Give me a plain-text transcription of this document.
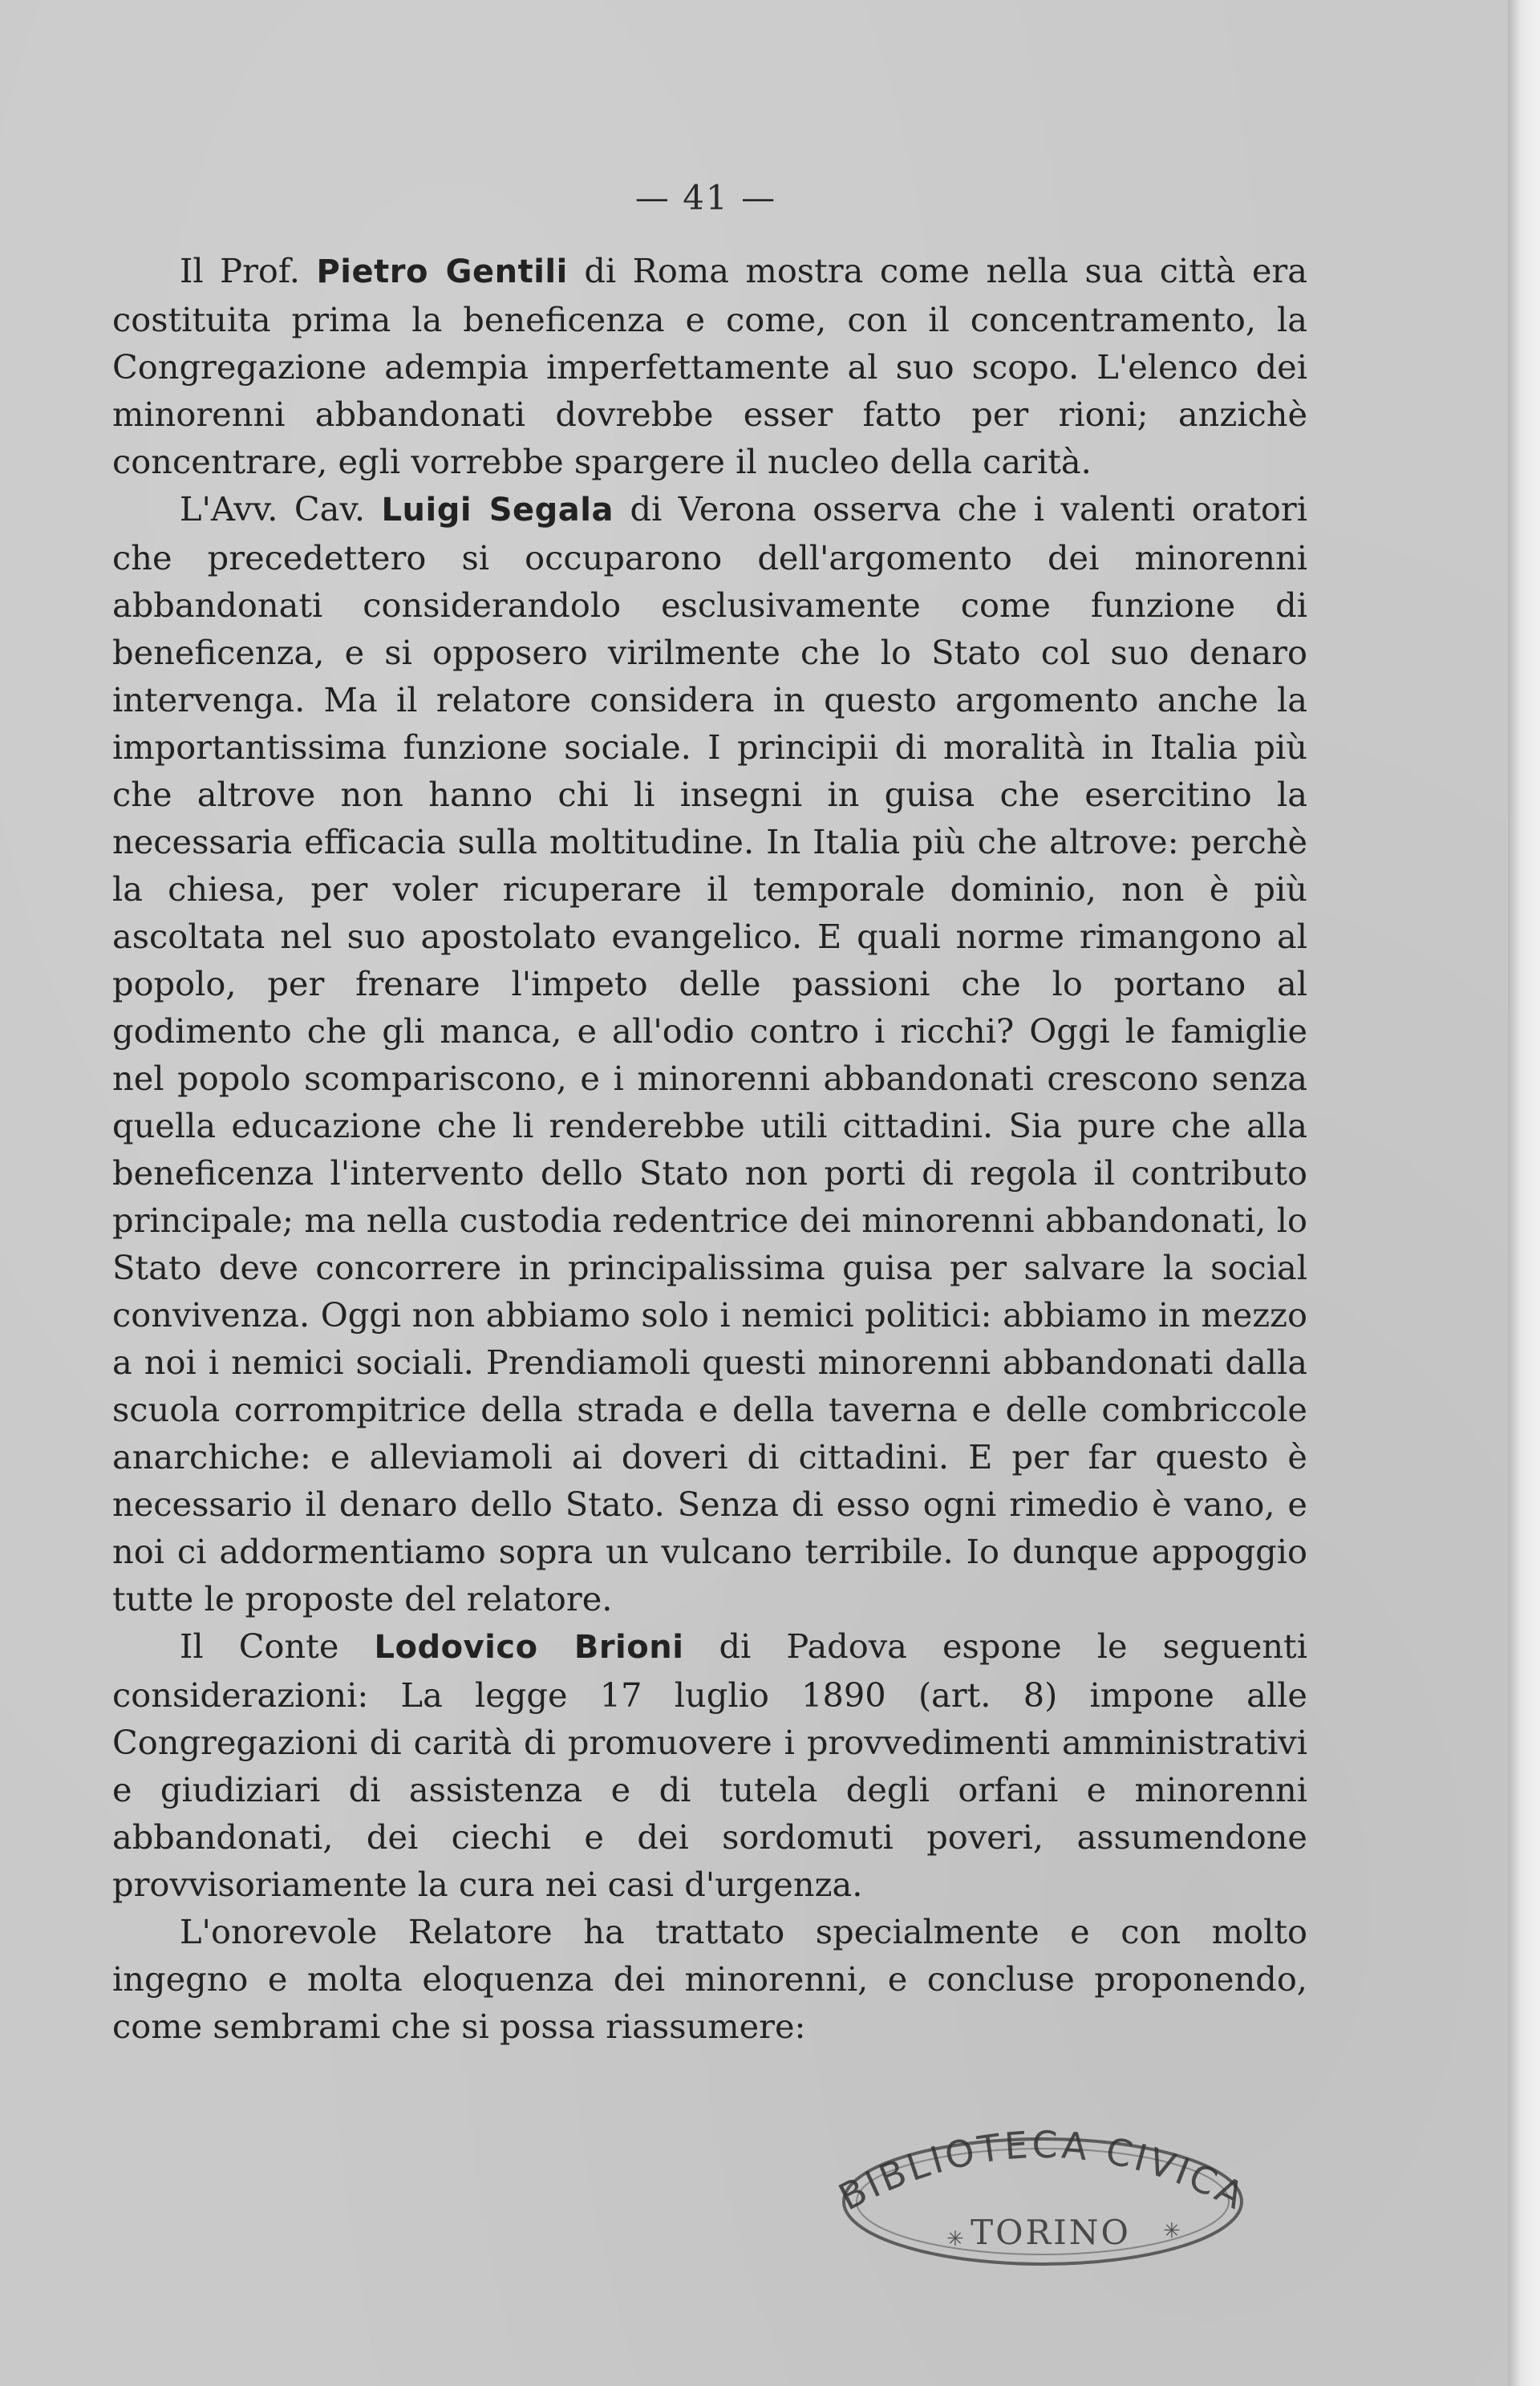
— 41 —

Il Prof. Pietro Gentili di Roma mostra come nella sua città era costituita prima la beneficenza e come, con il concentramento, la Congregazione adempia imperfettamente al suo scopo. L'elenco dei minorenni abbandonati dovrebbe esser fatto per rioni; anzichè concentrare, egli vorrebbe spargere il nucleo della carità.

L'Avv. Cav. Luigi Segala di Verona osserva che i valenti oratori che precedettero si occuparono dell'argomento dei minorenni abbandonati considerandolo esclusivamente come funzione di beneficenza, e si opposero virilmente che lo Stato col suo denaro intervenga. Ma il relatore considera in questo argomento anche la importantissima funzione sociale. I principii di moralità in Italia più che altrove non hanno chi li insegni in guisa che esercitino la necessaria efficacia sulla moltitudine. In Italia più che altrove: perchè la chiesa, per voler ricuperare il temporale dominio, non è più ascoltata nel suo apostolato evangelico. E quali norme rimangono al popolo, per frenare l'impeto delle passioni che lo portano al godimento che gli manca, e all'odio contro i ricchi? Oggi le famiglie nel popolo scompariscono, e i minorenni abbandonati crescono senza quella educazione che li renderebbe utili cittadini. Sia pure che alla beneficenza l'intervento dello Stato non porti di regola il contributo principale; ma nella custodia redentrice dei minorenni abbandonati, lo Stato deve concorrere in principalissima guisa per salvare la social convivenza. Oggi non abbiamo solo i nemici politici: abbiamo in mezzo a noi i nemici sociali. Prendiamoli questi minorenni abbandonati dalla scuola corrompitrice della strada e della taverna e delle combriccole anarchiche: e alleviamoli ai doveri di cittadini. E per far questo è necessario il denaro dello Stato. Senza di esso ogni rimedio è vano, e noi ci addormentiamo sopra un vulcano terribile. Io dunque appoggio tutte le proposte del relatore.

Il Conte Lodovico Brioni di Padova espone le seguenti considerazioni: La legge 17 luglio 1890 (art. 8) impone alle Congregazioni di carità di promuovere i provvedimenti amministrativi e giudiziari di assistenza e di tutela degli orfani e minorenni abbandonati, dei ciechi e dei sordomuti poveri, assumendone provvisoriamente la cura nei casi d'urgenza.

L'onorevole Relatore ha trattato specialmente e con molto ingegno e molta eloquenza dei minorenni, e concluse proponendo, come sembrami che si possa riassumere:

BIBLIOTECA CIVICA
✳	✳
TORINO
